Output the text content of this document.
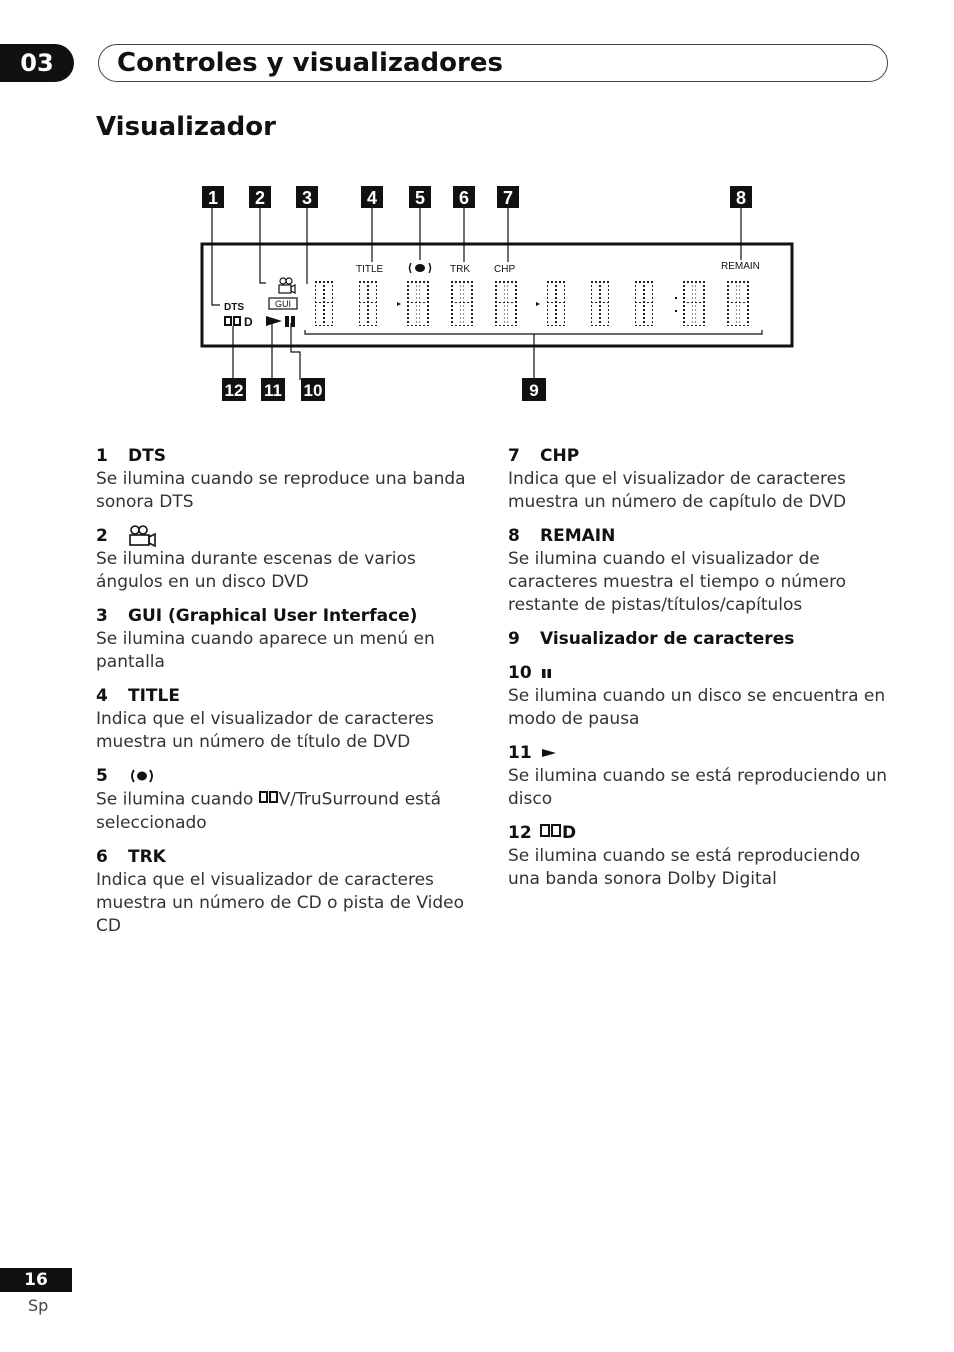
03	Controles y visualizadores
Visualizador
1 2 3	4 5 6 7	8
12 11 10	9
DTS
TITLE	TRK CHP	REMAIN
GUI
D
1	DTS
Se ilumina cuando se reproduce una banda sonora DTS
2
Se ilumina durante escenas de varios ángulos en un disco DVD
3	GUI (Graphical User Interface)
Se ilumina cuando aparece un menú en pantalla
4	TITLE
Indica que el visualizador de caracteres muestra un número de título de DVD
5
Se ilumina cuando V/TruSurround está seleccionado
6	TRK
Indica que el visualizador de caracteres muestra un número de CD o pista de Video CD
7	CHP
Indica que el visualizador de caracteres muestra un número de capítulo de DVD
8	REMAIN
Se ilumina cuando el visualizador de caracteres muestra el tiempo o número restante de pistas/títulos/capítulos
9	Visualizador de caracteres
10
Se ilumina cuando un disco se encuentra en modo de pausa
11
Se ilumina cuando se está reproduciendo un disco
12	D
Se ilumina cuando se está reproduciendo una banda sonora Dolby Digital
16
Sp
